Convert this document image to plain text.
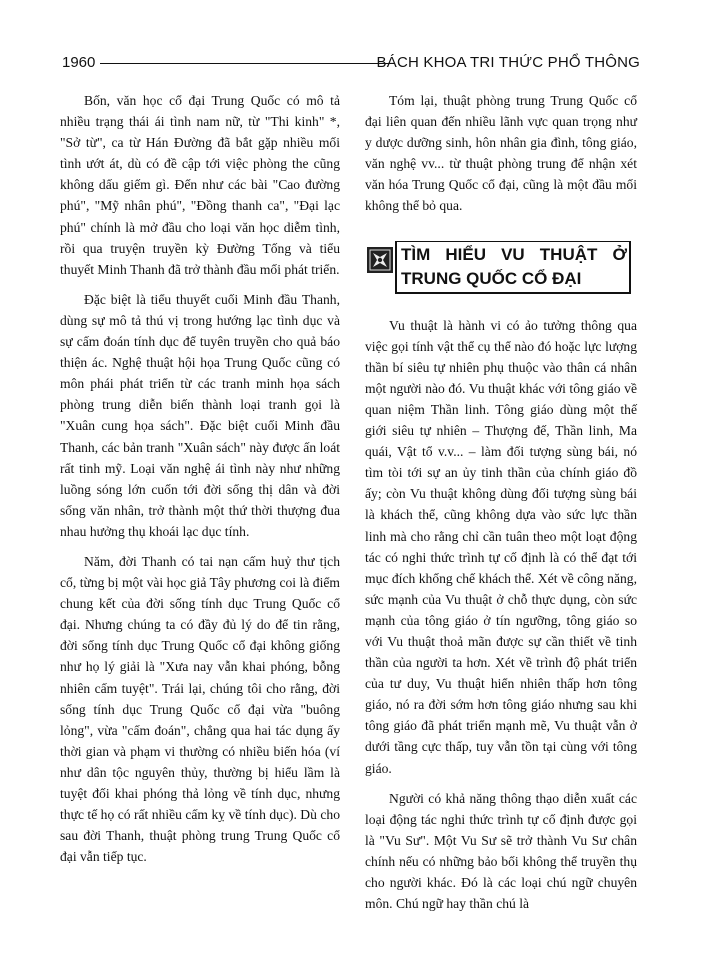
1960	BÁCH KHOA TRI THỨC PHỔ THÔNG

Bốn, văn học cổ đại Trung Quốc có mô tả nhiều trạng thái ái tình nam nữ, từ "Thi kinh" *, "Sở từ", ca từ Hán Đường đã bắt gặp nhiều mối tình ướt át, dù có đề cập tới việc phòng the cũng không dấu giếm gì. Đến như các bài "Cao đường phú", "Mỹ nhân phú", "Đồng thanh ca", "Đại lạc phú" chính là mở đầu cho loại văn học diễm tình, rồi qua truyện truyền kỳ Đường Tống và tiểu thuyết Minh Thanh đã trở thành đầu mối phát triển.

Đặc biệt là tiểu thuyết cuối Minh đầu Thanh, dùng sự mô tả thú vị trong hướng lạc tình dục và sự cấm đoán tính dục để tuyên truyền cho quả báo thiện ác. Nghệ thuật hội họa Trung Quốc cũng có môn phái phát triển từ các tranh minh họa sách phòng trung diễn biến thành loại tranh gọi là "Xuân cung họa sách". Đặc biệt cuối Minh đầu Thanh, các bản tranh "Xuân sách" này được ấn loát rất tinh mỹ. Loại văn nghệ ái tình này như những luồng sóng lớn cuốn tới đời sống thị dân và đời sống văn nhân, trở thành một thứ thời thượng đua nhau hưởng thụ khoái lạc dục tính.

Năm, đời Thanh có tai nạn cấm huỷ thư tịch cổ, từng bị một vài học giả Tây phương coi là điểm chung kết của đời sống tính dục Trung Quốc cổ đại. Nhưng chúng ta có đầy đủ lý do để tin rằng, đời sống tính dục Trung Quốc cổ đại không giống như họ lý giải là "Xưa nay vẫn khai phóng, bỗng nhiên cấm tuyệt". Trái lại, chúng tôi cho rằng, đời sống tính dục Trung Quốc cổ đại vừa "buông lỏng", vừa "cấm đoán", chẳng qua hai tác dụng ấy thời gian và phạm vi thường có nhiều biến hóa (ví như dân tộc nguyên thủy, thường bị hiểu lầm là tuyệt đối khai phóng thả lỏng về tính dục, nhưng thực tế họ có rất nhiều cấm kỵ về tính dục). Dù cho sau đời Thanh, thuật phòng trung Trung Quốc cổ đại vẫn tiếp tục.

Tóm lại, thuật phòng trung Trung Quốc cổ đại liên quan đến nhiều lãnh vực quan trọng như y dược dưỡng sinh, hôn nhân gia đình, tông giáo, văn nghệ vv... từ thuật phòng trung để nhận xét văn hóa Trung Quốc cổ đại, cũng là một đầu mối không thể bỏ qua.

TÌM HIỂU VU THUẬT Ở TRUNG QUỐC CỔ ĐẠI

Vu thuật là hành vi có ảo tưởng thông qua việc gọi tính vật thể cụ thể nào đó hoặc lực lượng thần bí siêu tự nhiên phụ thuộc vào thân cá nhân một người nào đó. Vu thuật khác với tông giáo về quan niệm Thần linh. Tông giáo dùng một thế giới siêu tự nhiên – Thượng đế, Thần linh, Ma quái, Vật tổ v.v... – làm đối tượng sùng bái, nó tìm tòi tới sự an ủy tinh thần của chính giáo đồ ấy; còn Vu thuật không dùng đối tượng sùng bái là khách thể, cũng không dựa vào sức lực thần linh mà cho rằng chỉ cần tuân theo một loạt động tác có nghi thức trình tự cố định là có thể đạt tới mục đích khống chế khách thể. Xét về công năng, sức mạnh của Vu thuật ở chỗ thực dụng, còn sức mạnh của tông giáo ở tín ngưỡng, tông giáo so với Vu thuật thoả mãn được sự cần thiết về tinh thần của người ta hơn. Xét về trình độ phát triển của tư duy, Vu thuật hiển nhiên thấp hơn tông giáo, nó ra đời sớm hơn tông giáo nhưng sau khi tông giáo đã phát triển mạnh mẽ, Vu thuật vẫn ở dưới tầng cực thấp, tuy vẫn tồn tại cùng với tông giáo.

Người có khả năng thông thạo diễn xuất các loại động tác nghi thức trình tự cố định được gọi là "Vu Sư". Một Vu Sư sẽ trở thành Vu Sư chân chính nếu có những bảo bối không thể truyền thụ cho người khác. Đó là các loại chú ngữ chuyên môn. Chú ngữ hay thần chú là
